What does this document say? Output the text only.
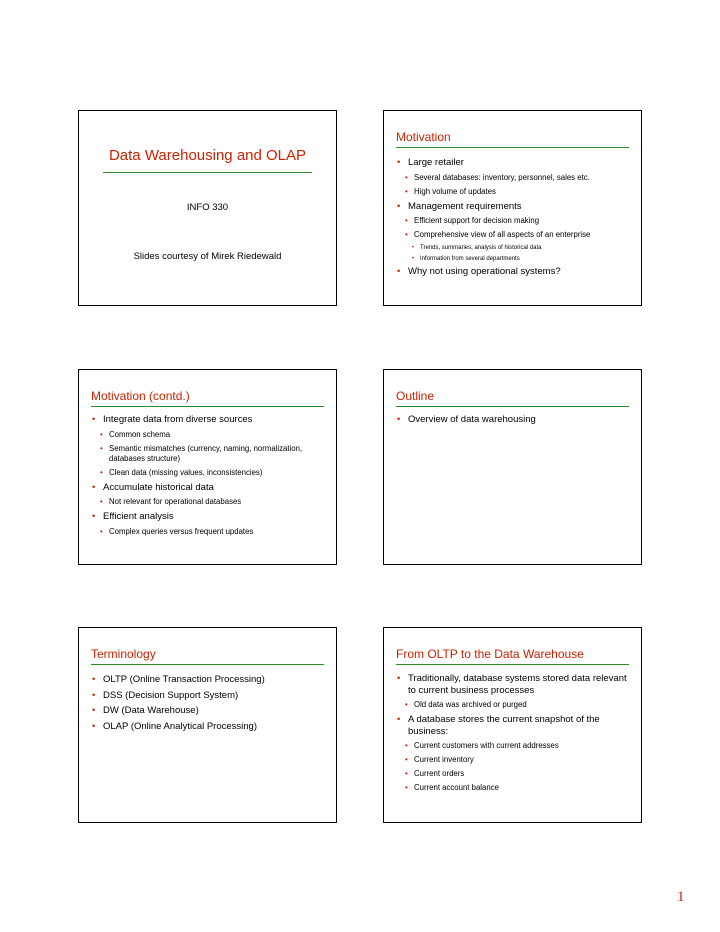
Data Warehousing and OLAP
INFO 330
Slides courtesy of Mirek Riedewald
Motivation
• Large retailer
• Several databases: inventory, personnel, sales etc.
• High volume of updates
• Management requirements
• Efficient support for decision making
• Comprehensive view of all aspects of an enterprise
• Trends, summaries, analysis of historical data
• Information from several departments
• Why not using operational systems?
Motivation (contd.)
• Integrate data from diverse sources
• Common schema
• Semantic mismatches (currency, naming, normalization, databases structure)
• Clean data (missing values, inconsistencies)
• Accumulate historical data
• Not relevant for operational databases
• Efficient analysis
• Complex queries versus frequent updates
Outline
• Overview of data warehousing
Terminology
• OLTP (Online Transaction Processing)
• DSS (Decision Support System)
• DW (Data Warehouse)
• OLAP (Online Analytical Processing)
From OLTP to the Data Warehouse
• Traditionally, database systems stored data relevant to current business processes
• Old data was archived or purged
• A database stores the current snapshot of the business:
• Current customers with current addresses
• Current inventory
• Current orders
• Current account balance
1
